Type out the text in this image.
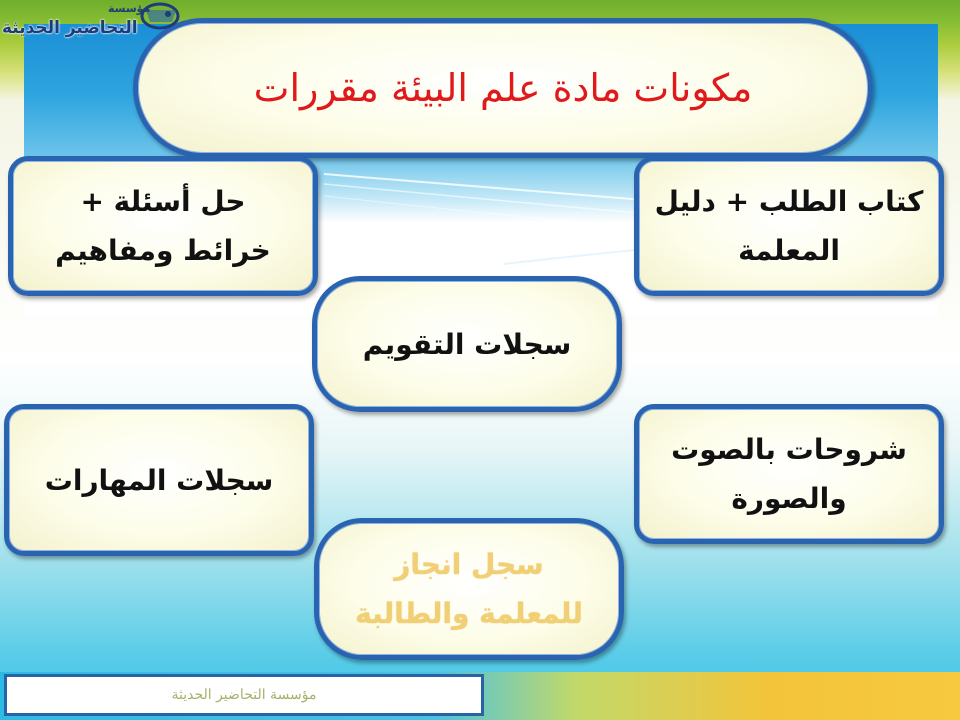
مؤسسة التحاضير الحديثة
مكونات مادة علم البيئة مقررات
حل أسئلة + خرائط ومفاهيم
كتاب الطلب + دليل المعلمة
سجلات التقويم
سجلات المهارات
شروحات بالصوت والصورة
سجل انجاز للمعلمة والطالبة
مؤسسة
التحاضير الحديثة
